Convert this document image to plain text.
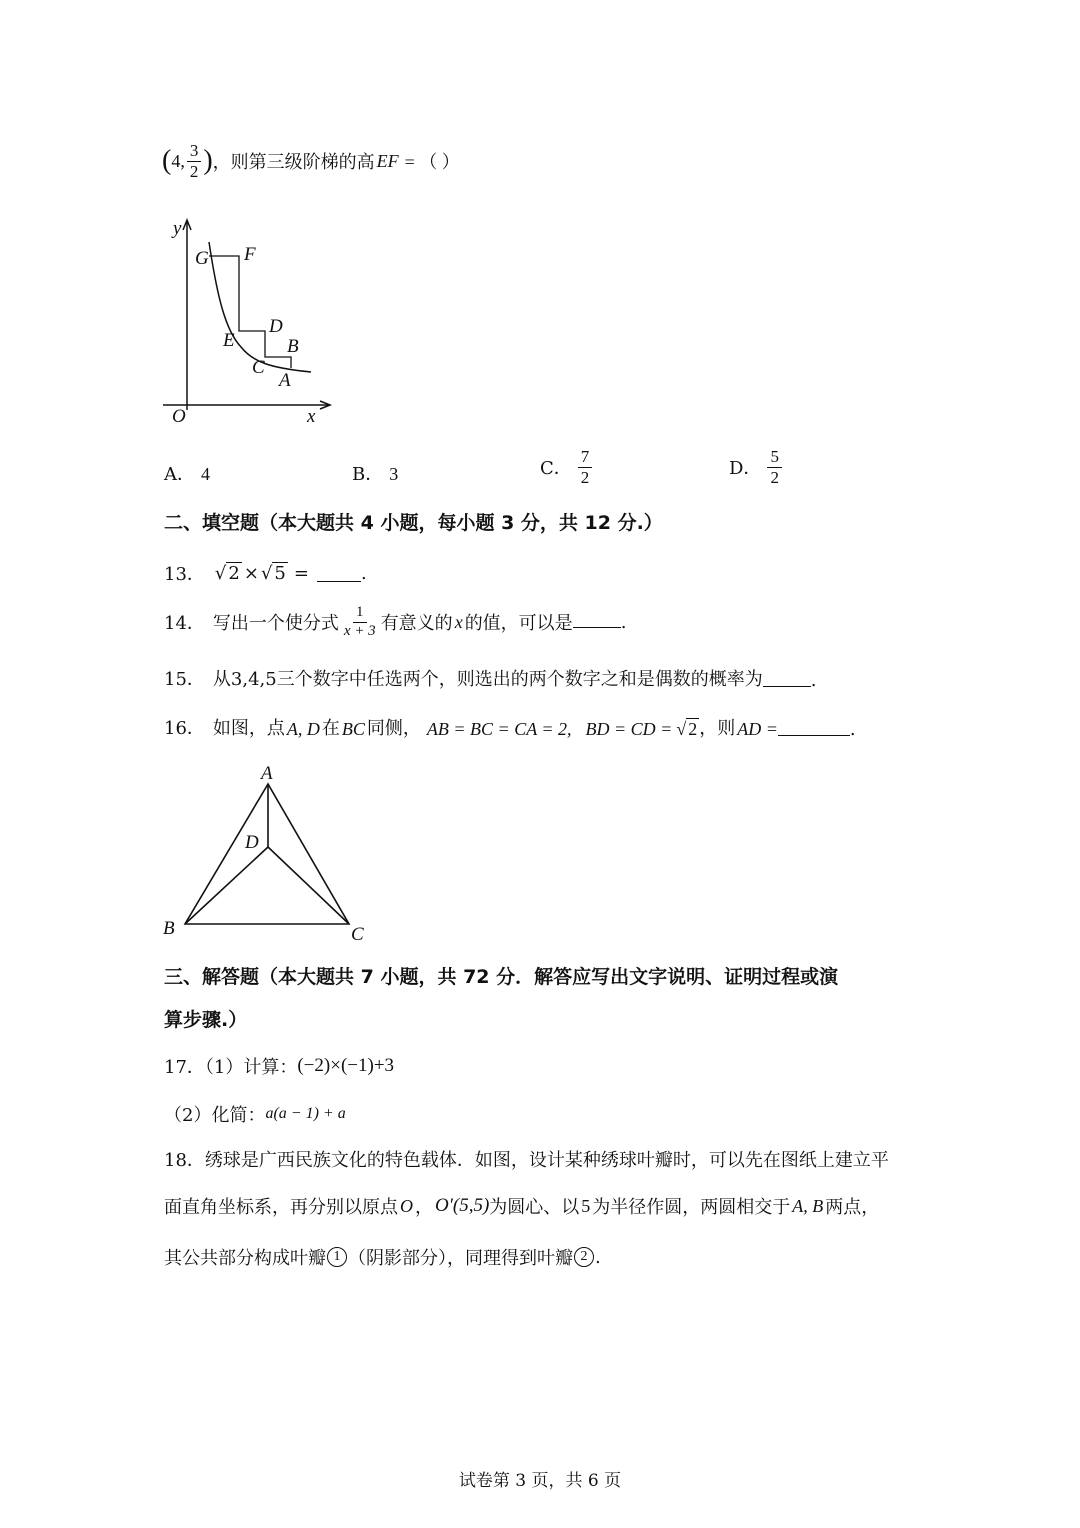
( 4, $\frac{3}{2}$ ) ，则第三级阶梯的高 EF = （ ）
y
x
O
G F
E
D
C
B
A
A． 4	B． 3	C． $\frac{7}{2}$	D． $\frac{5}{2}$
二、填空题（本大题共 4 小题，每小题 3 分，共 12 分.）
13． √ 2 × √ 5 =	.
14． 写出一个使分式 $\frac{1}{x + 3}$ 有意义的 x 的值，可以是	.
15． 从3,4,5三个数字中任选两个，则选出的两个数字之和是偶数的概率为	.
16． 如图，点 A, D 在 BC 同侧， AB = BC = CA = 2, BD = CD = √ 2 ，则 AD =	.
A
D
B	C
三、解答题（本大题共 7 小题，共 72 分．解答应写出文字说明、证明过程或演
算步骤.）
17．（1）计算： (−2)×(−1)+3
（2）化简： a(a − 1) + a
18．绣球是广西民族文化的特色载体．如图，设计某种绣球叶瓣时，可以先在图纸上建立平
面直角坐标系，再分别以原点 O ， O′(5,5) 为圆心、以 5 为半径作圆，两圆相交于 A, B 两点，
其公共部分构成叶瓣 1 （阴影部分），同理得到叶瓣 2 .
试卷第 3 页，共 6 页
